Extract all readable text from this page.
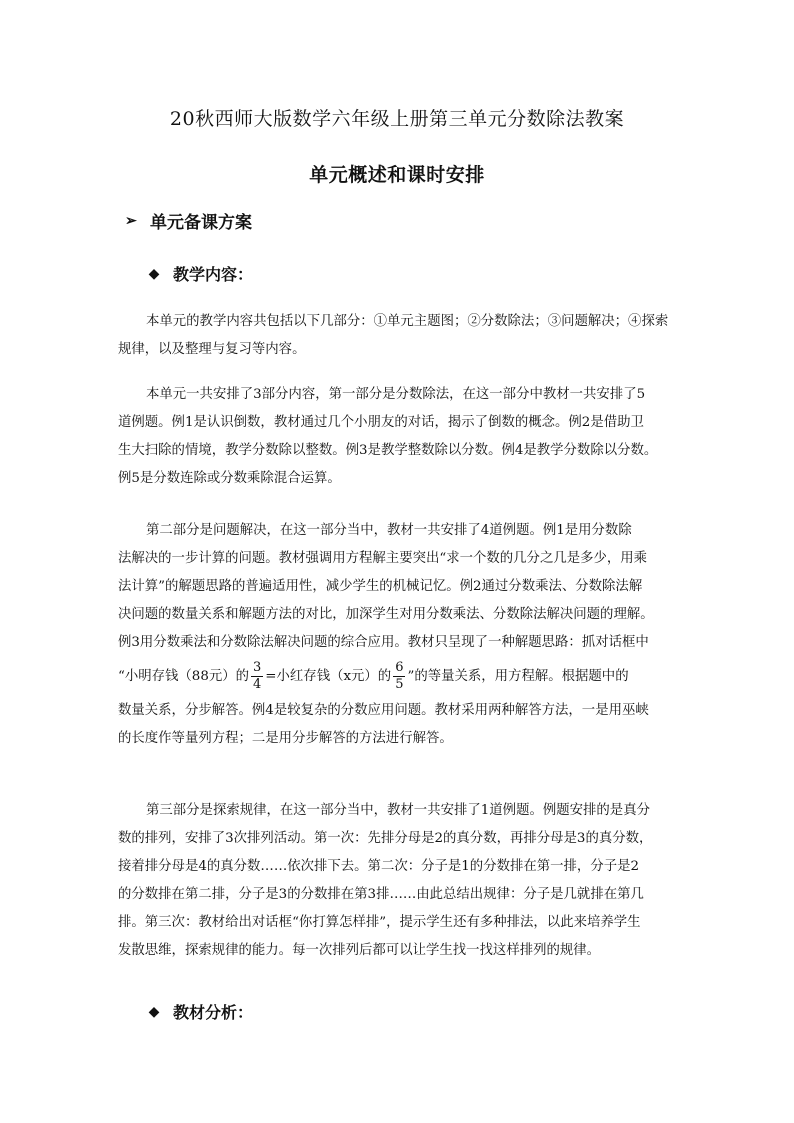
20秋西师大版数学六年级上册第三单元分数除法教案
单元概述和课时安排
➢ 单元备课方案
◆ 教学内容：
本单元的教学内容共包括以下几部分：①单元主题图；②分数除法；③问题解决；④探索
规律，以及整理与复习等内容。
本单元一共安排了3部分内容，第一部分是分数除法，在这一部分中教材一共安排了5
道例题。例1是认识倒数，教材通过几个小朋友的对话，揭示了倒数的概念。例2是借助卫
生大扫除的情境，教学分数除以整数。例3是教学整数除以分数。例4是教学分数除以分数。
例5是分数连除或分数乘除混合运算。
第二部分是问题解决，在这一部分当中，教材一共安排了4道例题。例1是用分数除
法解决的一步计算的问题。教材强调用方程解主要突出“求一个数的几分之几是多少，用乘
法计算”的解题思路的普遍适用性，减少学生的机械记忆。例2通过分数乘法、分数除法解
决问题的数量关系和解题方法的对比，加深学生对用分数乘法、分数除法解决问题的理解。
例3用分数乘法和分数除法解决问题的综合应用。教材只呈现了一种解题思路：抓对话框中
“小明存钱（88元）的 $\frac{3}{4}$ =小红存钱（x元）的 $\frac{6}{5}$ ”的等量关系，用方程解。根据题中的
数量关系，分步解答。例4是较复杂的分数应用问题。教材采用两种解答方法，一是用巫峡
的长度作等量列方程；二是用分步解答的方法进行解答。
第三部分是探索规律，在这一部分当中，教材一共安排了1道例题。例题安排的是真分
数的排列，安排了3次排列活动。第一次：先排分母是2的真分数，再排分母是3的真分数，
接着排分母是4的真分数……依次排下去。第二次：分子是1的分数排在第一排，分子是2
的分数排在第二排，分子是3的分数排在第3排……由此总结出规律：分子是几就排在第几
排。第三次：教材给出对话框“你打算怎样排”，提示学生还有多种排法，以此来培养学生
发散思维，探索规律的能力。每一次排列后都可以让学生找一找这样排列的规律。
◆ 教材分析：
